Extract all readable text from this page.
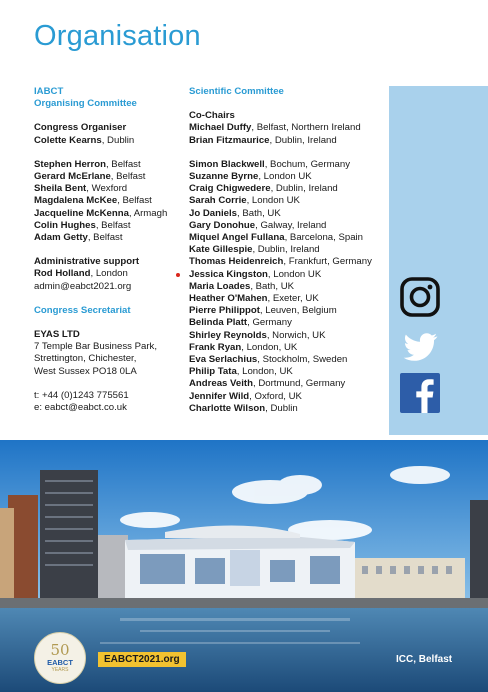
Organisation
IABCT
Organising Committee
Congress Organiser
Colette Kearns, Dublin
Stephen Herron, Belfast
Gerard McErlane, Belfast
Sheila Bent, Wexford
Magdalena McKee, Belfast
Jacqueline McKenna, Armagh
Colin Hughes, Belfast
Adam Getty, Belfast
Administrative support
Rod Holland, London
admin@eabct2021.org
Congress Secretariat
EYAS LTD
7 Temple Bar Business Park,
Strettington, Chichester,
West Sussex PO18 0LA
t: +44 (0)1243 775561
e: eabct@eabct.co.uk
Scientific Committee
Co-Chairs
Michael Duffy, Belfast, Northern Ireland
Brian Fitzmaurice, Dublin, Ireland
Simon Blackwell, Bochum, Germany
Suzanne Byrne, London UK
Craig Chigwedere, Dublin, Ireland
Sarah Corrie, London UK
Jo Daniels, Bath, UK
Gary Donohue, Galway, Ireland
Miquel Angel Fullana, Barcelona, Spain
Kate Gillespie, Dublin, Ireland
Thomas Heidenreich, Frankfurt, Germany
Jessica Kingston, London UK
Maria Loades, Bath, UK
Heather O'Mahen, Exeter, UK
Pierre Philippot, Leuven, Belgium
Belinda Platt, Germany
Shirley Reynolds, Norwich, UK
Frank Ryan, London, UK
Eva Serlachius, Stockholm, Sweden
Philip Tata, London, UK
Andreas Veith, Dortmund, Germany
Jennifer Wild, Oxford, UK
Charlotte Wilson, Dublin
50
EABCT
YEARS
EABCT2021.org	ICC, Belfast
